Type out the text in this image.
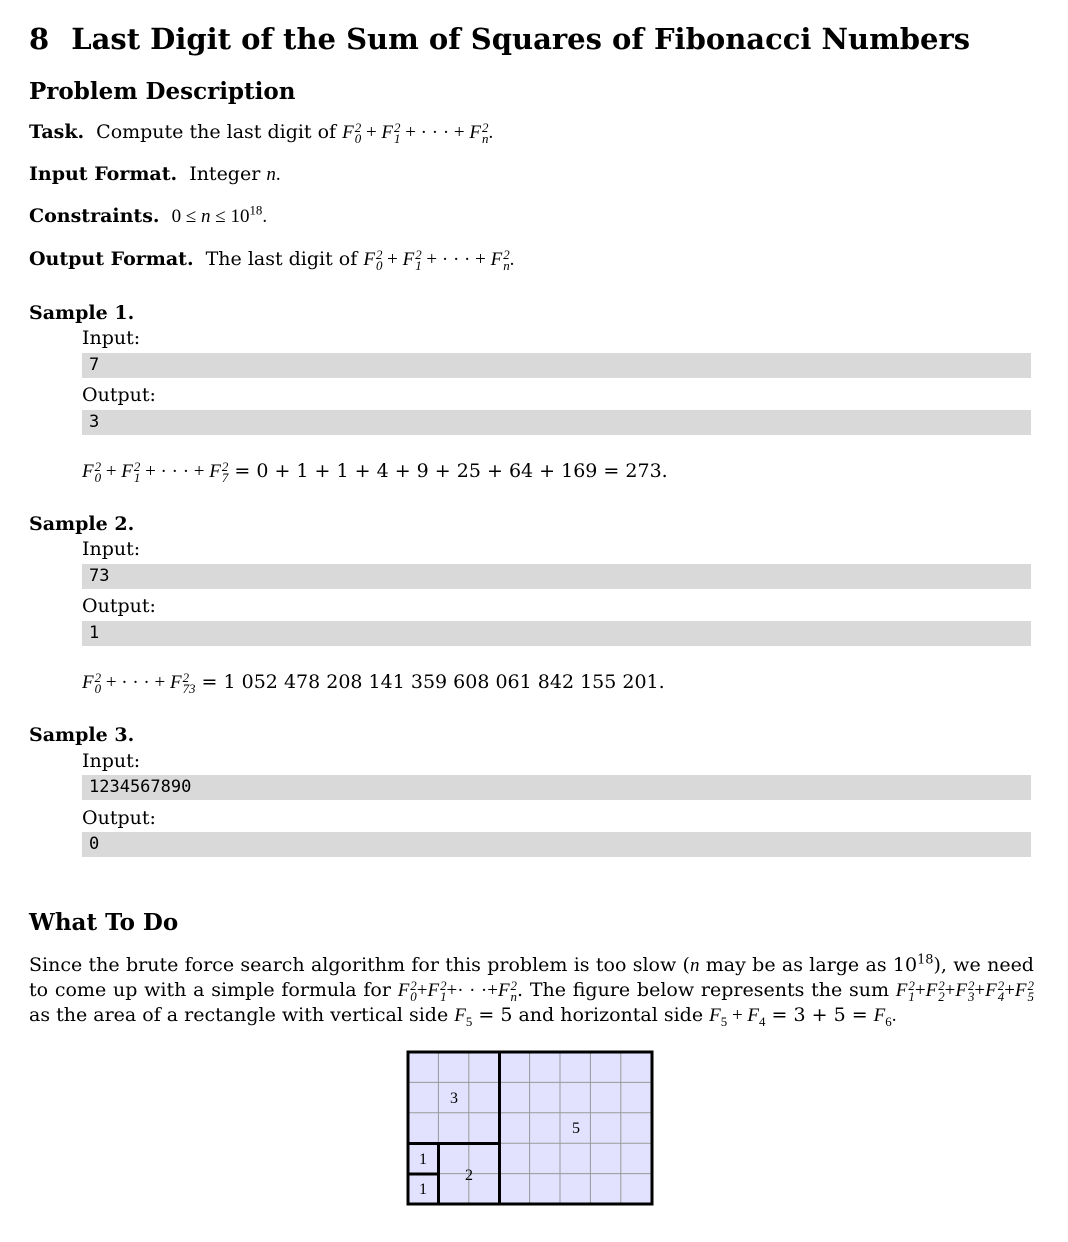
8 Last Digit of the Sum of Squares of Fibonacci Numbers
Problem Description
Task. Compute the last digit of F 2
0 + F 2
1 + · · · + F 2
n .
Input Format. Integer n.
Constraints. $0 \le n \le 10^{18}$.
Output Format. The last digit of F 2
0 + F 2
1 + · · · + F 2
n .
Sample 1.
Input:
7
Output:
3
F 2
0 + F 2
1 + · · · + F 2
7 = 0 + 1 + 1 + 4 + 9 + 25 + 64 + 169 = 273.
Sample 2.
Input:
73
Output:
1
F 2
0 + · · · + F 2
73 = 1 052 478 208 141 359 608 061 842 155 201.
Sample 3.
Input:
1234567890
Output:
0
What To Do
Since the brute force search algorithm for this problem is too slow (n may be as large as $10^{18}$), we need to come up with a simple formula for F 2
0 +F 2
1 +· · ·+F 2
n . The figure below represents the sum F 2
1 +F 2
2 +F 2
3 +F 2
4 +F 2
5
as the area of a rectangle with vertical side $F_5 = 5$ and horizontal side $F_5 + F_4 = 3 + 5 = F_6$.
3
5
1
2
1
